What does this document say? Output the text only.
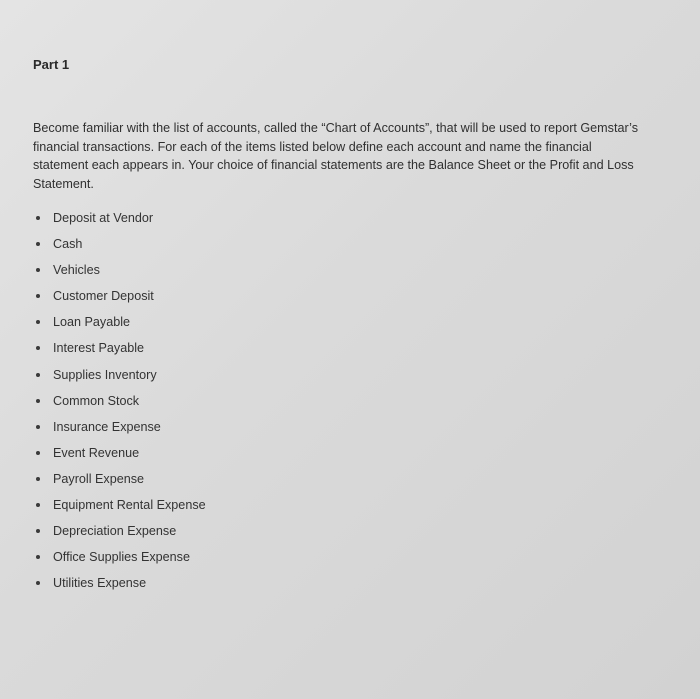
Part 1
Become familiar with the list of accounts, called the “Chart of Accounts”, that will be used to report Gemstar’s financial transactions. For each of the items listed below define each account and name the financial statement each appears in. Your choice of financial statements are the Balance Sheet or the Profit and Loss Statement.
Deposit at Vendor
Cash
Vehicles
Customer Deposit
Loan Payable
Interest Payable
Supplies Inventory
Common Stock
Insurance Expense
Event Revenue
Payroll Expense
Equipment Rental Expense
Depreciation Expense
Office Supplies Expense
Utilities Expense
